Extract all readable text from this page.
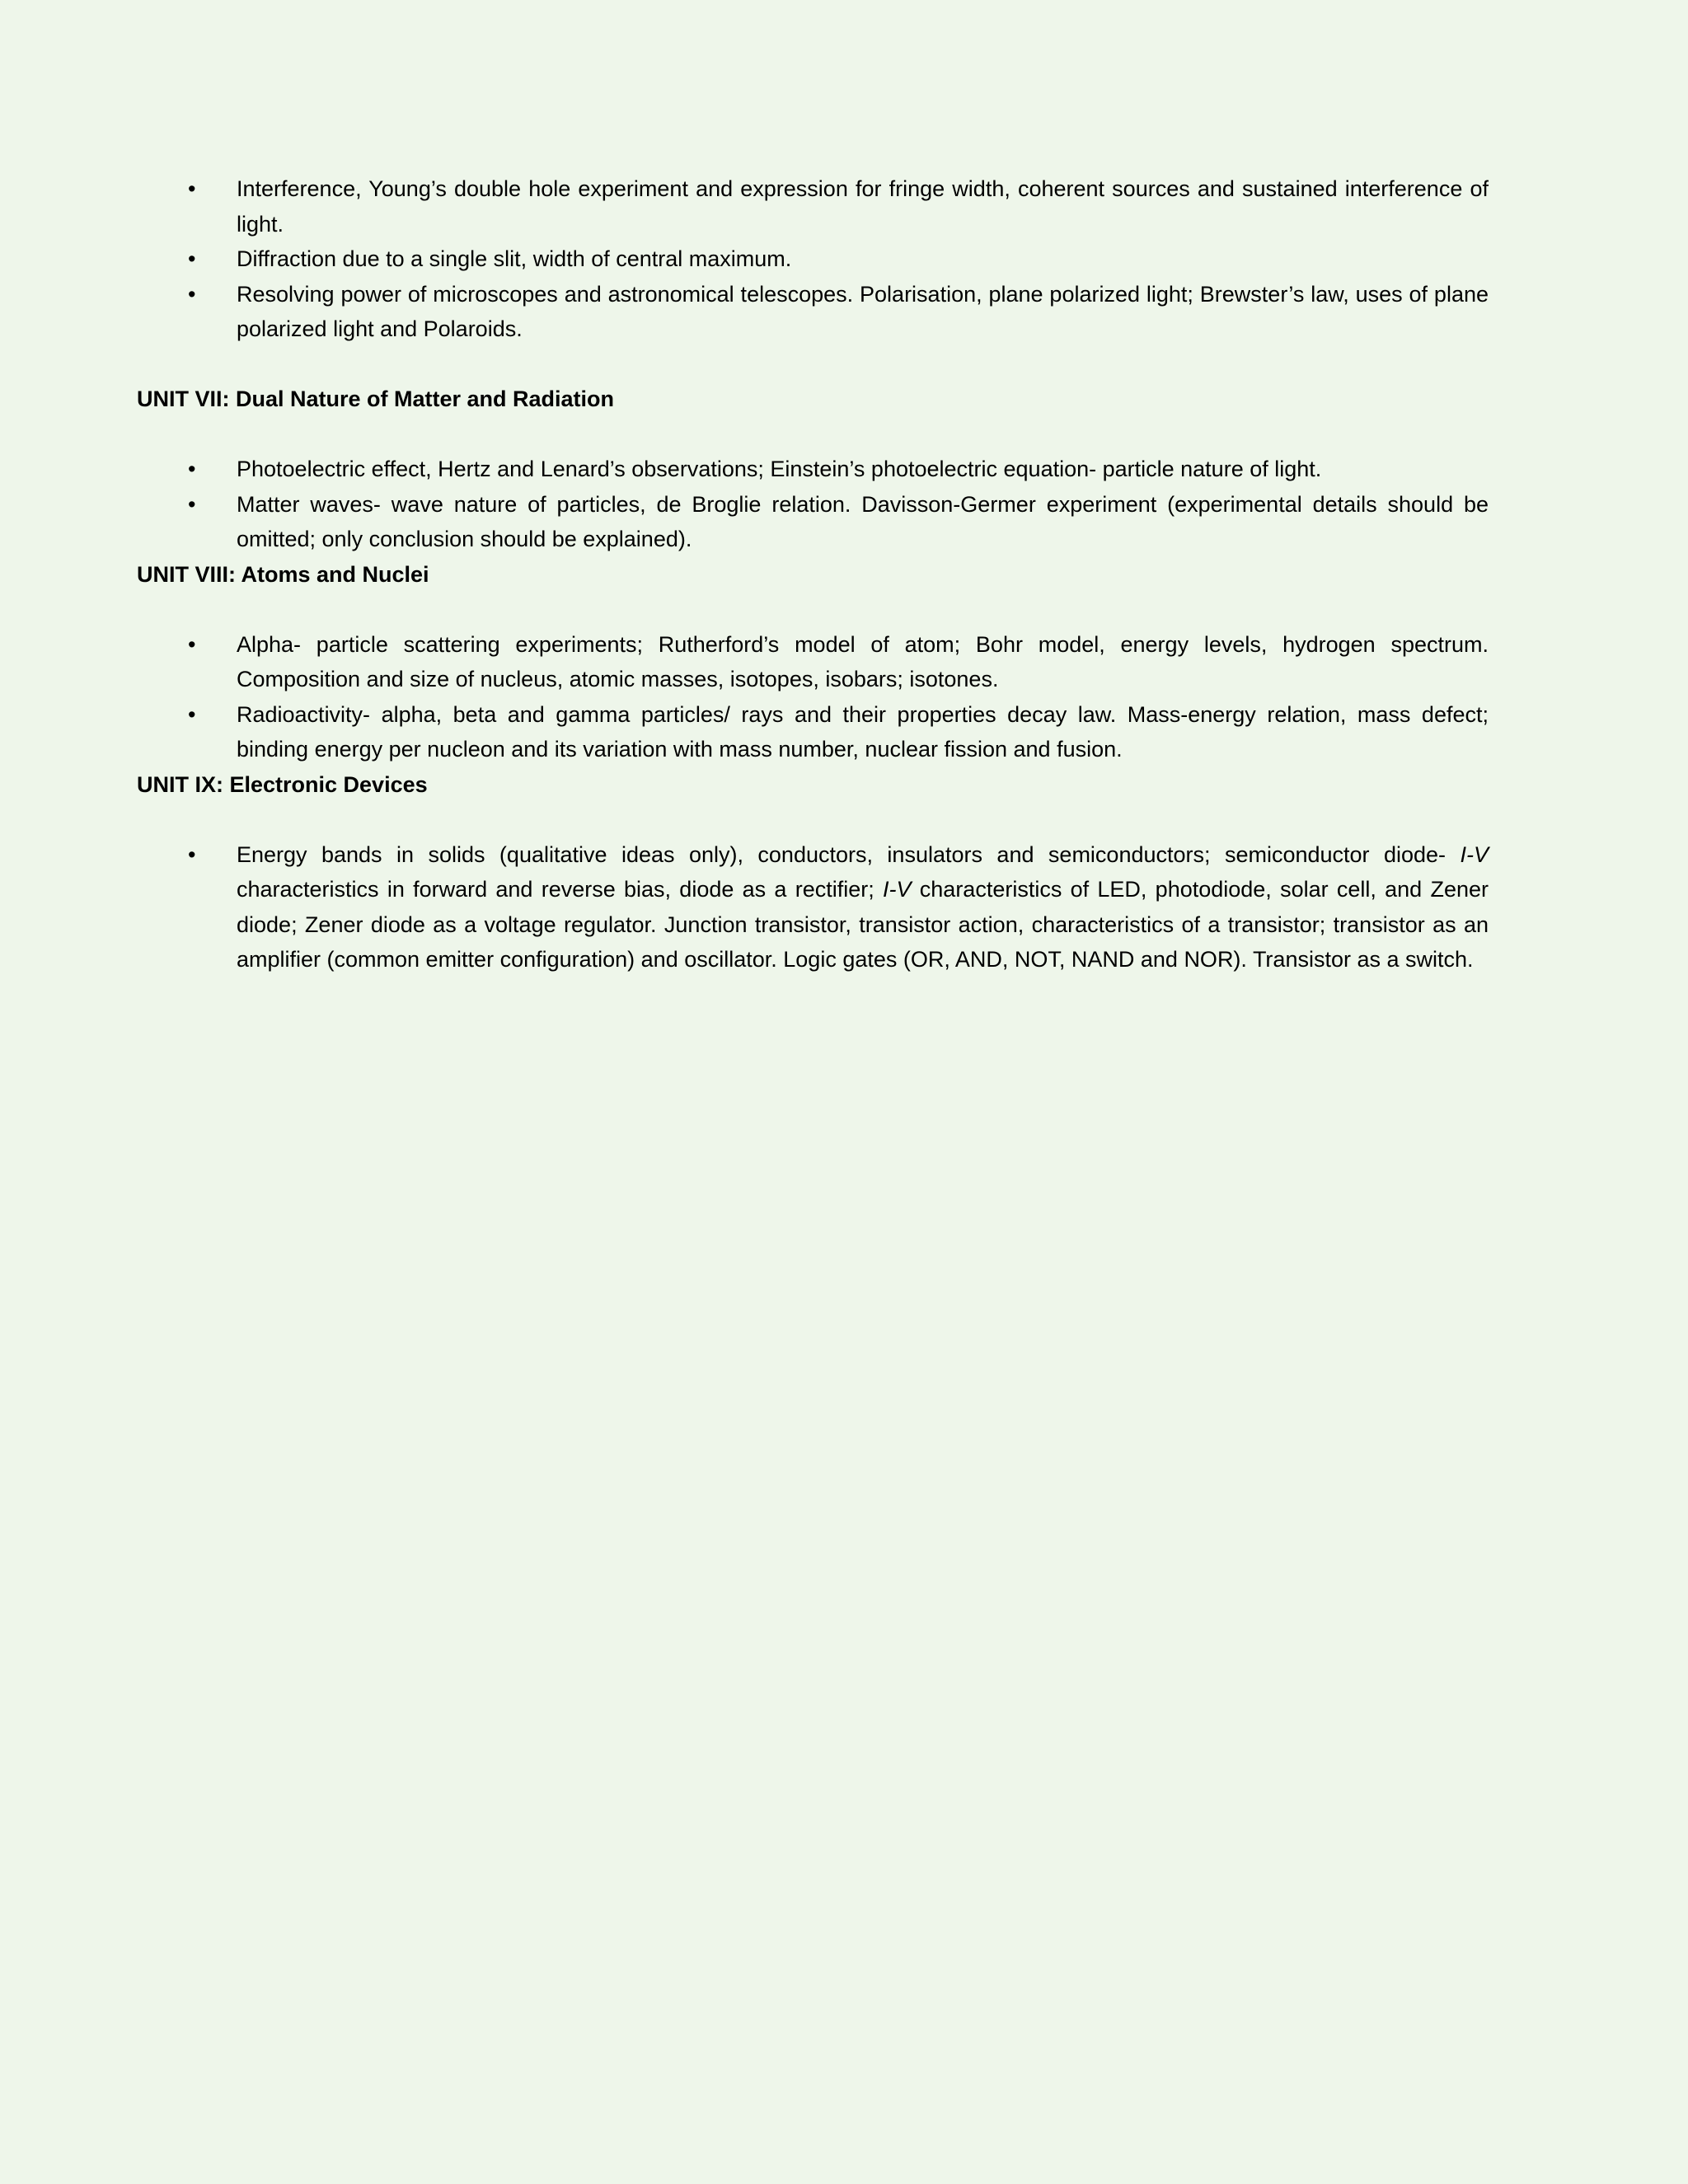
• Interference, Young’s double hole experiment and expression for fringe width, coherent sources and sustained interference of light.
• Diffraction due to a single slit, width of central maximum.
• Resolving power of microscopes and astronomical telescopes. Polarisation, plane polarized light; Brewster’s law, uses of plane polarized light and Polaroids.

UNIT VII: Dual Nature of Matter and Radiation

• Photoelectric effect, Hertz and Lenard’s observations; Einstein’s photoelectric equation- particle nature of light.
• Matter waves- wave nature of particles, de Broglie relation. Davisson-Germer experiment (experimental details should be omitted; only conclusion should be explained).

UNIT VIII: Atoms and Nuclei

• Alpha- particle scattering experiments; Rutherford’s model of atom; Bohr model, energy levels, hydrogen spectrum. Composition and size of nucleus, atomic masses, isotopes, isobars; isotones.
• Radioactivity- alpha, beta and gamma particles/ rays and their properties decay law. Mass-energy relation, mass defect; binding energy per nucleon and its variation with mass number, nuclear fission and fusion.

UNIT IX: Electronic Devices

• Energy bands in solids (qualitative ideas only), conductors, insulators and semiconductors; semiconductor diode- I-V characteristics in forward and reverse bias, diode as a rectifier; I-V characteristics of LED, photodiode, solar cell, and Zener diode; Zener diode as a voltage regulator. Junction transistor, transistor action, characteristics of a transistor; transistor as an amplifier (common emitter configuration) and oscillator. Logic gates (OR, AND, NOT, NAND and NOR). Transistor as a switch.
